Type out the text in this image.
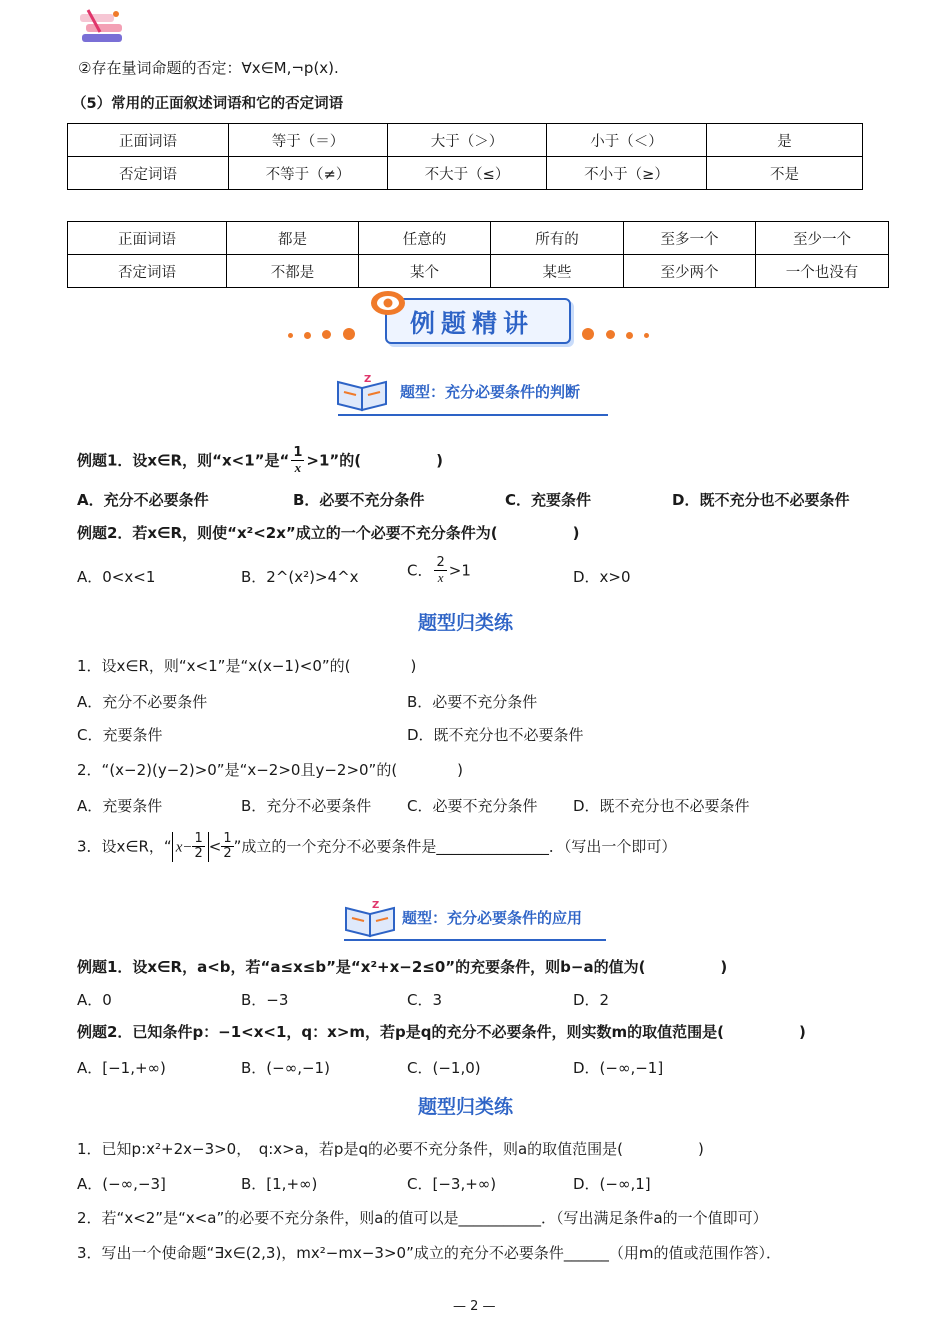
②存在量词命题的否定：∀x∈M,¬p(x).
（5）常用的正面叙述词语和它的否定词语
正面词语	等于（＝）	大于（＞）	小于（＜）	是
否定词语	不等于（≠）	不大于（≤）	不小于（≥）	不是
正面词语	都是	任意的	所有的	至多一个	至少一个
否定词语	不都是	某个	某些	至少两个	一个也没有
例题精讲
Z
题型：充分必要条件的判断
例题1．设x∈R，则“x<1”是“ $\frac{1}{x} >1$”的(　　　　　)
A．充分不必要条件	B．必要不充分条件	C．充要条件	D．既不充分也不必要条件
例题2．若x∈R，则使“x²<2x”成立的一个必要不充分条件为(　　　　　)
A．0<x<1	B．2^(x²)>4^x	C． $\frac{2}{x} >1$	D．x>0
题型归类练
1．设x∈R，则“x<1”是“x(x−1)<0”的(　　　　)
A．充分不必要条件	B．必要不充分条件
C．充要条件	D．既不充分也不必要条件
2．“(x−2)(y−2)>0”是“x−2>0且y−2>0”的(　　　　)
A．充要条件	B．充分不必要条件 C．必要不充分条件 D．既不充分也不必要条件
3．设x∈R，“ $x- \frac{1}{2} < \frac{1}{2}$ ”成立的一个充分不必要条件是_______________．（写出一个即可）
Z
题型：充分必要条件的应用
例题1．设x∈R，a<b，若“a≤x≤b”是“x²+x−2≤0”的充要条件，则b−a的值为(　　　　　)
A．0	B．−3	C．3	D．2
例题2．已知条件p：−1<x<1，q：x>m，若p是q的充分不必要条件，则实数m的取值范围是(　　　　　)
A．[−1,+∞)	B．(−∞,−1)	C．(−1,0)	D．(−∞,−1]
题型归类练
1．已知p:x²+2x−3>0，　q:x>a，若p是q的必要不充分条件，则a的取值范围是(　　　　　)
A．(−∞,−3]	B．[1,+∞)	C．[−3,+∞)	D．(−∞,1]
2．若“x<2”是“x<a”的必要不充分条件，则a的值可以是___________．（写出满足条件a的一个值即可）
3．写出一个使命题“∃x∈(2,3)，mx²−mx−3>0”成立的充分不必要条件______（用m的值或范围作答）．
— 2 —
